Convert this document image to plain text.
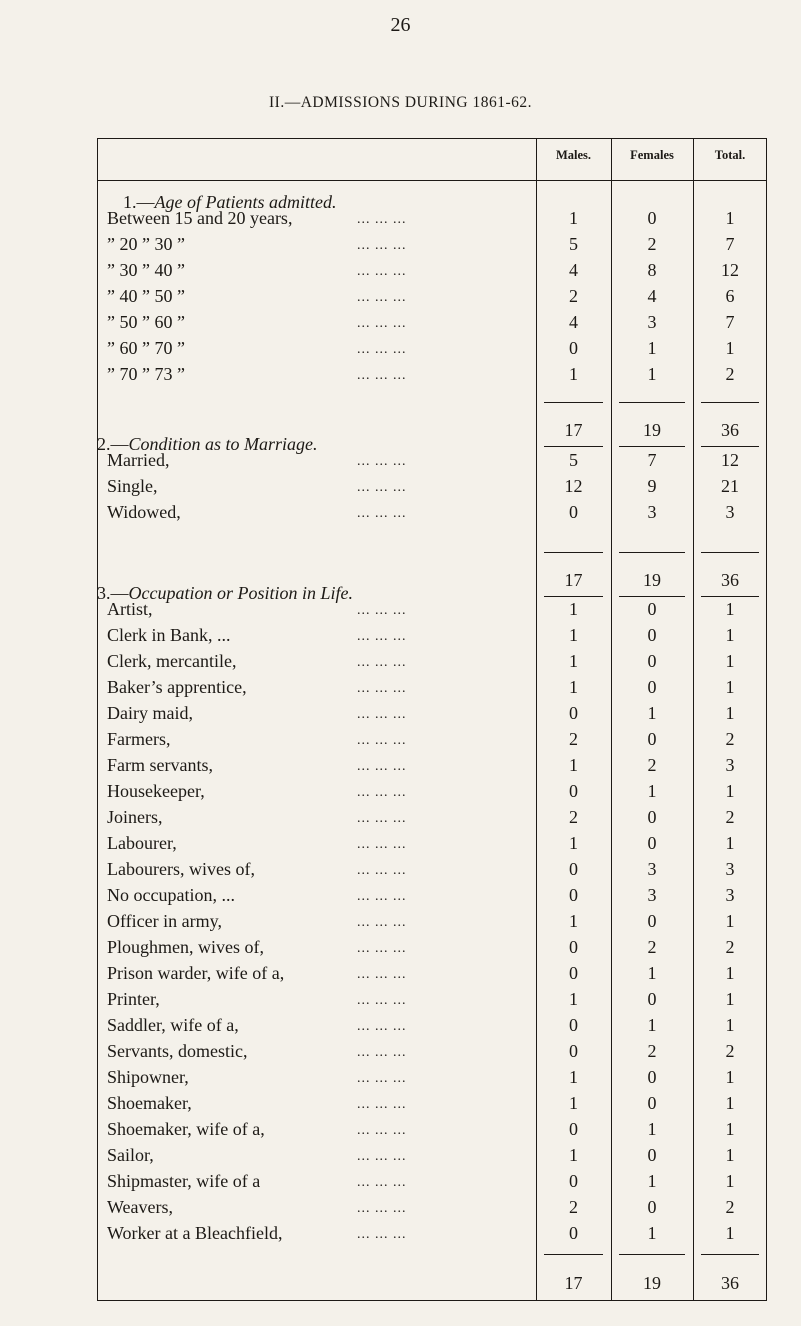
26
II.—ADMISSIONS DURING 1861-62.
Males.	Females	Total.
1.—Age of Patients admitted.
Between 15 and 20 years,	... ... ...	1	0	1
” 20 ” 30 ”	... ... ...	5	2	7
” 30 ” 40 ”	... ... ...	4	8	12
” 40 ” 50 ”	... ... ...	2	4	6
” 50 ” 60 ”	... ... ...	4	3	7
” 60 ” 70 ”	... ... ...	0	1	1
” 70 ” 73 ”	... ... ...	1	1	2
17	19	36
2.—Condition as to Marriage.
Married,	... ... ...	5	7	12
Single,	... ... ...	12	9	21
Widowed,	... ... ...	0	3	3
17	19	36
3.—Occupation or Position in Life.
Artist,	... ... ...	1	0	1
Clerk in Bank, ...	... ... ...	1	0	1
Clerk, mercantile,	... ... ...	1	0	1
Baker’s apprentice,	... ... ...	1	0	1
Dairy maid,	... ... ...	0	1	1
Farmers,	... ... ...	2	0	2
Farm servants,	... ... ...	1	2	3
Housekeeper,	... ... ...	0	1	1
Joiners,	... ... ...	2	0	2
Labourer,	... ... ...	1	0	1
Labourers, wives of,	... ... ...	0	3	3
No occupation, ...	... ... ...	0	3	3
Officer in army,	... ... ...	1	0	1
Ploughmen, wives of,	... ... ...	0	2	2
Prison warder, wife of a,	... ... ...	0	1	1
Printer,	... ... ...	1	0	1
Saddler, wife of a,	... ... ...	0	1	1
Servants, domestic,	... ... ...	0	2	2
Shipowner,	... ... ...	1	0	1
Shoemaker,	... ... ...	1	0	1
Shoemaker, wife of a,	... ... ...	0	1	1
Sailor,	... ... ...	1	0	1
Shipmaster, wife of a	... ... ...	0	1	1
Weavers,	... ... ...	2	0	2
Worker at a Bleachfield,	... ... ...	0	1	1
17	19	36
